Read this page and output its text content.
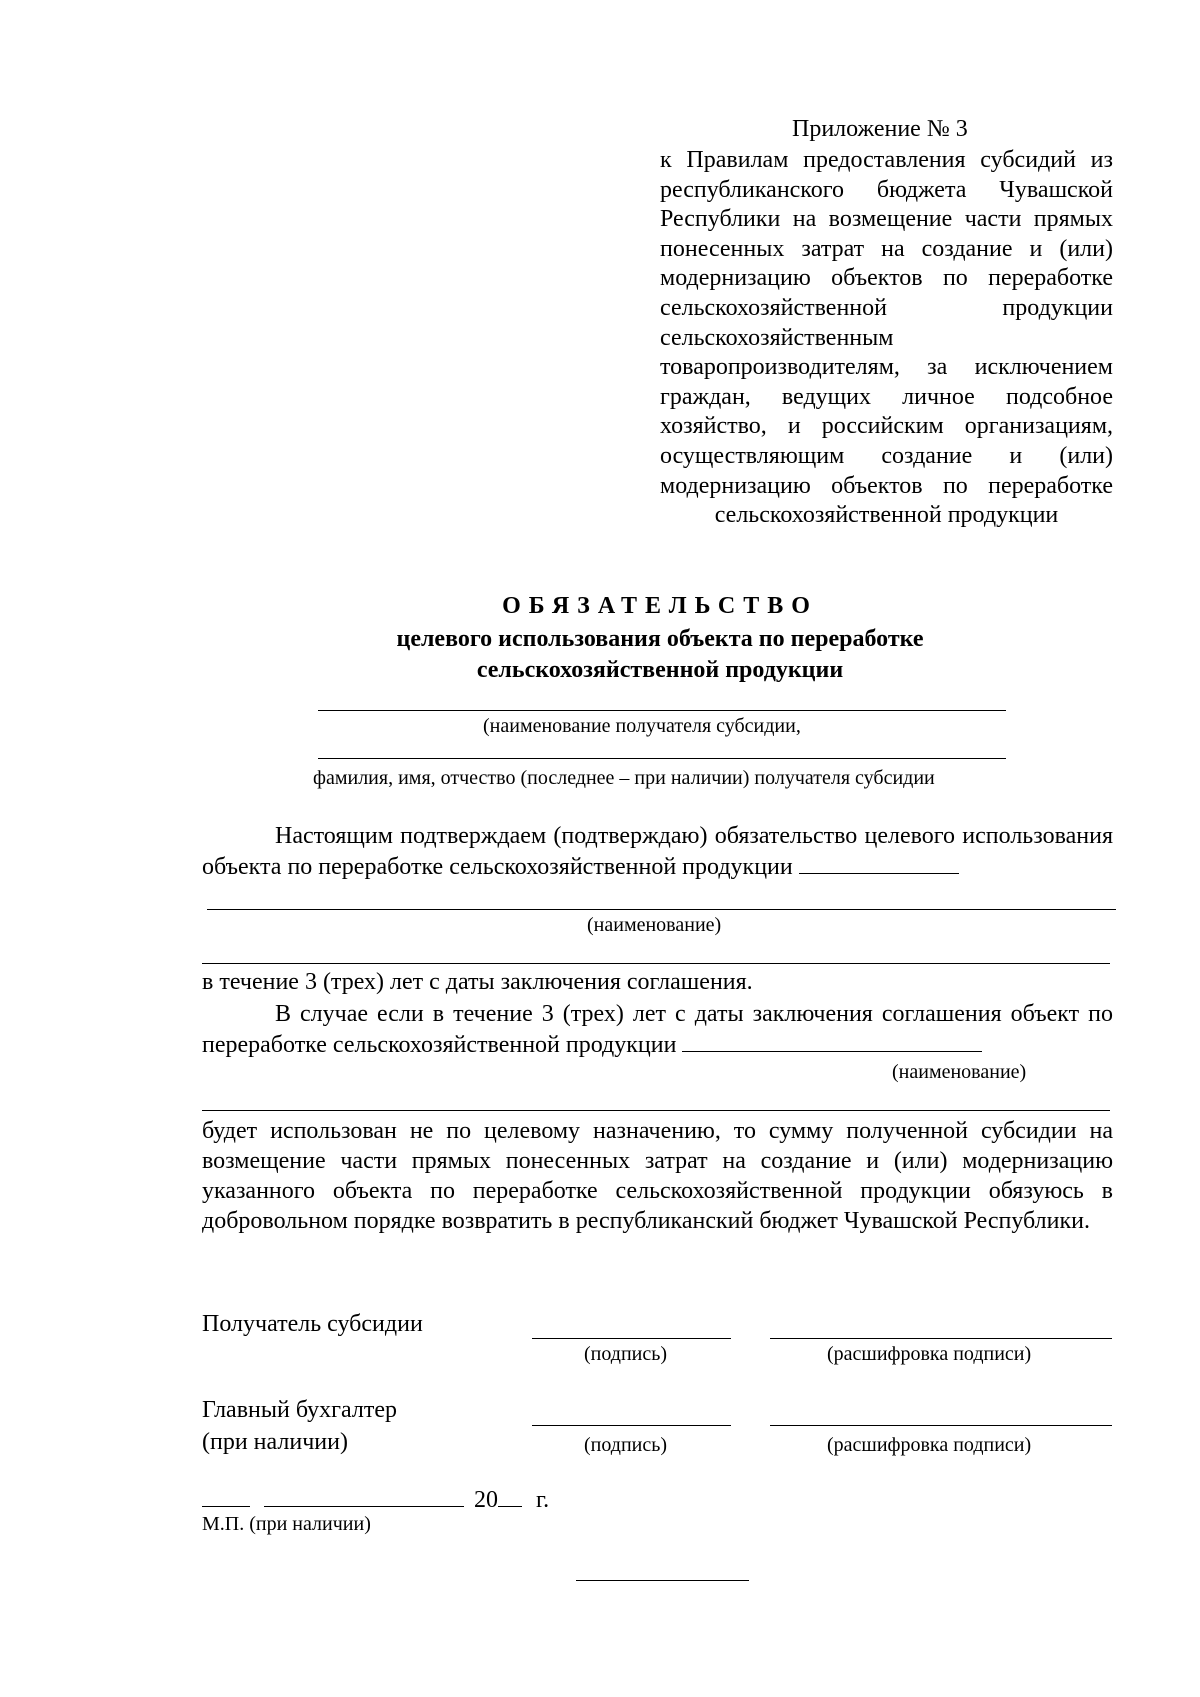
Приложение № 3
к Правилам предоставления субсидий из республиканского бюджета Чувашской Республики на возмещение части прямых понесенных затрат на создание и (или) модернизацию объектов по переработке сельскохозяйственной продукции сельскохозяйственным товаропроизводителям, за исключением граждан, ведущих личное подсобное хозяйство, и российским организациям, осуществляющим создание и (или) модернизацию объектов по переработке сельскохозяйственной продукции
ОБЯЗАТЕЛЬСТВО
целевого использования объекта по переработке
сельскохозяйственной продукции
(наименование получателя субсидии,
фамилия, имя, отчество (последнее – при наличии) получателя субсидии
Настоящим подтверждаем (подтверждаю) обязательство целевого использования объекта по переработке сельскохозяйственной продукции
(наименование)
в течение 3 (трех) лет с даты заключения соглашения.
В случае если в течение 3 (трех) лет с даты заключения соглашения объект по переработке сельскохозяйственной продукции
(наименование)
будет использован не по целевому назначению, то сумму полученной субсидии на возмещение части прямых понесенных затрат на создание и (или) модернизацию указанного объекта по переработке сельскохозяйственной продукции обязуюсь в добровольном порядке возвратить в республиканский бюджет Чувашской Республики.
Получатель субсидии
(подпись)	(расшифровка подписи)
Главный бухгалтер
(при наличии)	(подпись)	(расшифровка подписи)
20 г.
М.П. (при наличии)
